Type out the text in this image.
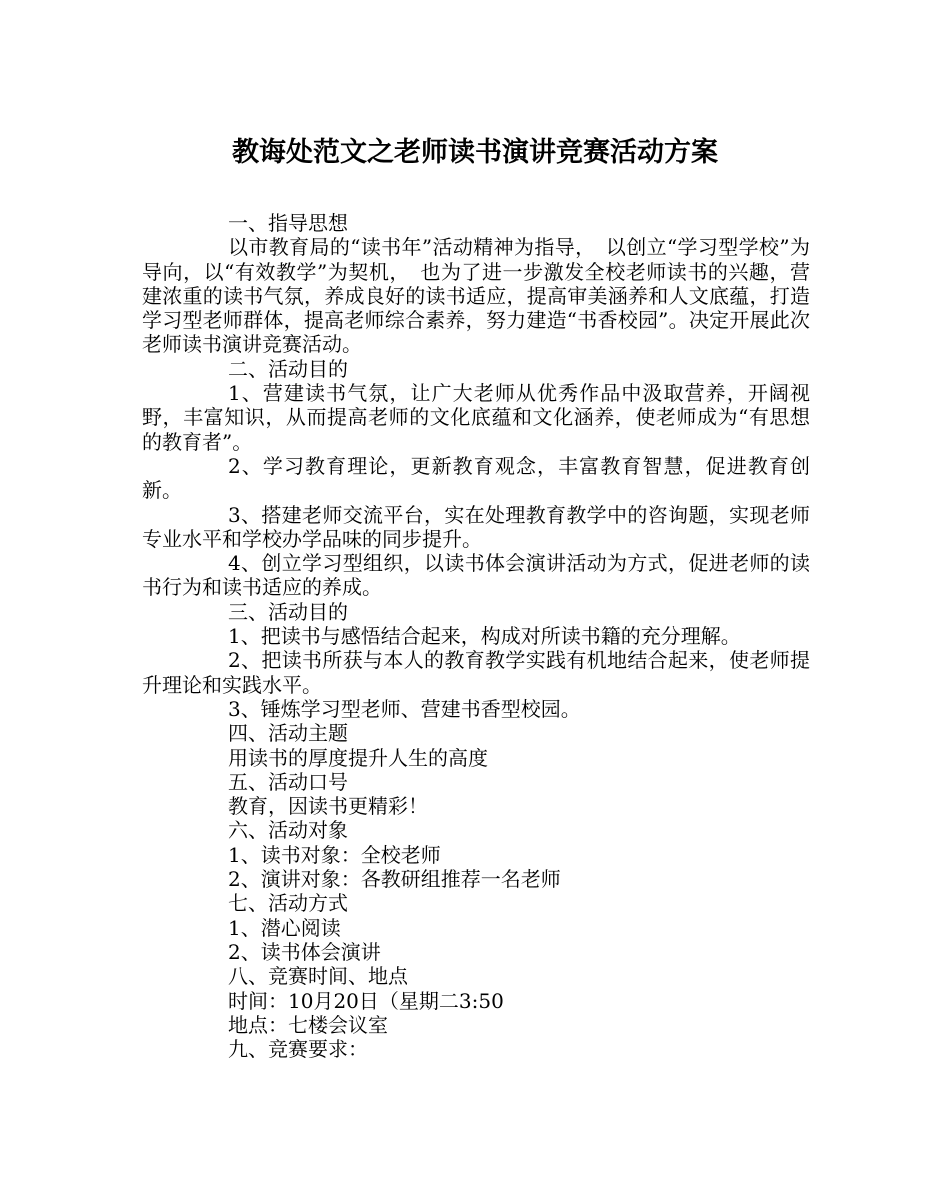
教诲处范文之老师读书演讲竞赛活动方案

一、指导思想

以市教育局的“读书年”活动精神为指导，　以创立“学习型学校”为导向，以“有效教学”为契机，　也为了进一步激发全校老师读书的兴趣，营建浓重的读书气氛，养成良好的读书适应，提高审美涵养和人文底蕴，打造学习型老师群体，提高老师综合素养，努力建造“书香校园”。决定开展此次老师读书演讲竞赛活动。

二、活动目的

1、营建读书气氛，让广大老师从优秀作品中汲取营养，开阔视野，丰富知识，从而提高老师的文化底蕴和文化涵养，使老师成为“有思想的教育者”。

2、学习教育理论，更新教育观念，丰富教育智慧，促进教育创新。

3、搭建老师交流平台，实在处理教育教学中的咨询题，实现老师专业水平和学校办学品味的同步提升。

4、创立学习型组织，以读书体会演讲活动为方式，促进老师的读书行为和读书适应的养成。

三、活动目的

1、把读书与感悟结合起来，构成对所读书籍的充分理解。

2、把读书所获与本人的教育教学实践有机地结合起来，使老师提升理论和实践水平。

3、锤炼学习型老师、营建书香型校园。

四、活动主题

用读书的厚度提升人生的高度

五、活动口号

教育，因读书更精彩！

六、活动对象

1、读书对象：全校老师

2、演讲对象：各教研组推荐一名老师

七、活动方式

1、潜心阅读

2、读书体会演讲

八、竞赛时间、地点

时间：10月20日（星期二3:50

地点：七楼会议室

九、竞赛要求：
